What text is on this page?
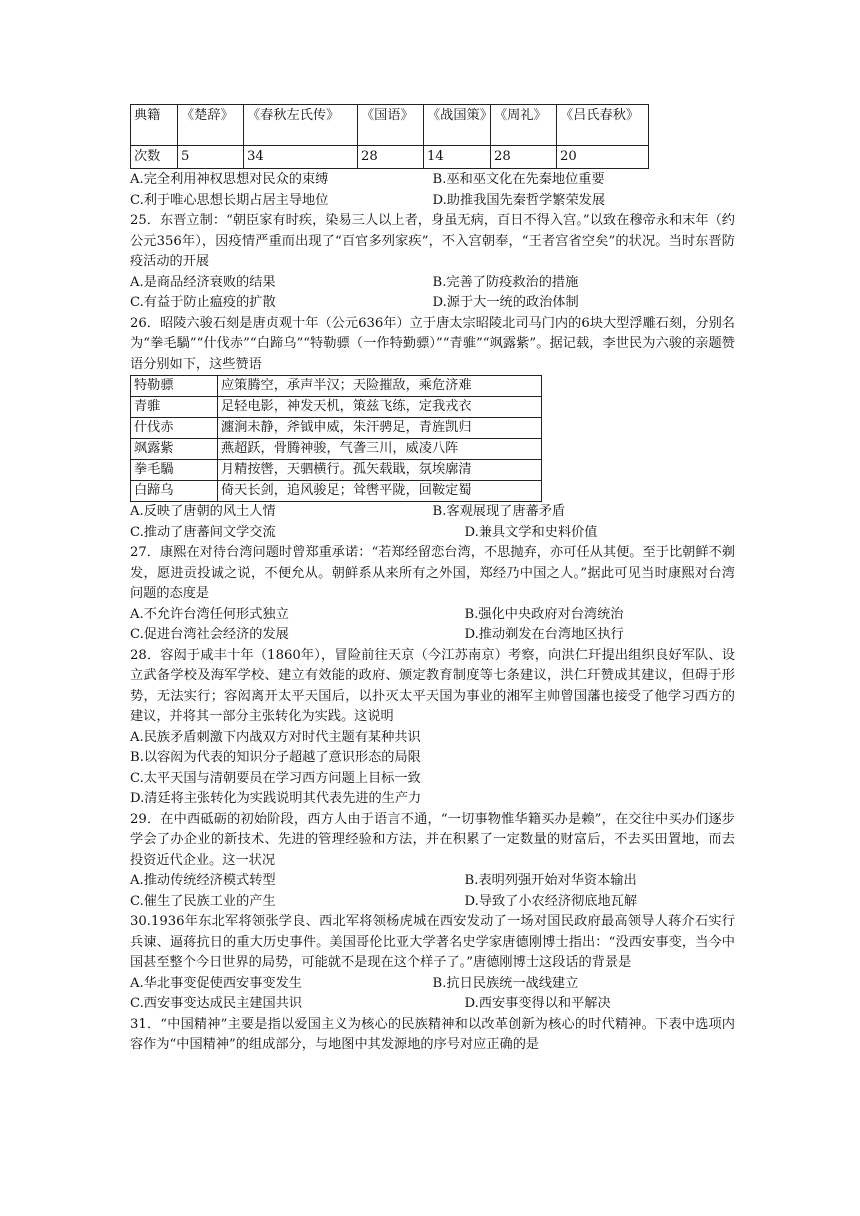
典籍	《楚辞》	《春秋左氏传》	《国语》	《战国策》	《周礼》	《吕氏春秋》
次数	5	34	28	14	28	20
A.完全利用神权思想对民众的束缚	B.巫和巫文化在先秦地位重要
C.利于唯心思想长期占居主导地位	D.助推我国先秦哲学繁荣发展

25．东晋立制：“朝臣家有时疾，染易三人以上者，身虽无病，百日不得入宫。”以致在穆帝永和末年（约公元356年），因疫情严重而出现了“百官多列家疾”，不入宫朝奉，“王者宫省空矣”的状况。当时东晋防疫活动的开展

A.是商品经济衰败的结果	B.完善了防疫救治的措施
C.有益于防止瘟疫的扩散	D.源于大一统的政治体制

26．昭陵六骏石刻是唐贞观十年（公元636年）立于唐太宗昭陵北司马门内的6块大型浮雕石刻，分别名为“拳毛騧”“什伐赤”“白蹄乌”“特勒骠（一作特勤骠）”“青骓”“飒露紫”。据记载，李世民为六骏的亲题赞语分别如下，这些赞语

特勒骠	应策腾空，承声半汉；天险摧敌，乘危济难
青骓	足轻电影，神发天机，策兹飞练，定我戎衣
什伐赤	瀍涧未静，斧钺申威，朱汗骋足，青旌凯归
飒露紫	燕超跃，骨腾神骏，气詟三川，威凌八阵
拳毛騧	月精按辔，天驷横行。孤矢载戢，氛埃廓清
白蹄乌	倚天长剑，追风骏足；耸辔平陇，回鞍定蜀
A.反映了唐朝的风土人情	B.客观展现了唐蕃矛盾
C.推动了唐蕃间文学交流	D.兼具文学和史料价值

27．康熙在对待台湾问题时曾郑重承诺：“若郑经留恋台湾，不思抛弃，亦可任从其便。至于比朝鲜不剃发，愿进贡投诚之说，不便允从。朝鲜系从来所有之外国，郑经乃中国之人。”据此可见当时康熙对台湾问题的态度是

A.不允许台湾任何形式独立	B.强化中央政府对台湾统治
C.促进台湾社会经济的发展	D.推动剃发在台湾地区执行

28．容闳于咸丰十年（1860年），冒险前往天京（今江苏南京）考察，向洪仁玕提出组织良好军队、设立武备学校及海军学校、建立有效能的政府、颁定教育制度等七条建议，洪仁玕赞成其建议，但碍于形势，无法实行；容闳离开太平天国后，以扑灭太平天国为事业的湘军主帅曾国藩也接受了他学习西方的建议，并将其一部分主张转化为实践。这说明

A.民族矛盾刺激下内战双方对时代主题有某种共识
B.以容闳为代表的知识分子超越了意识形态的局限
C.太平天国与清朝要员在学习西方问题上目标一致
D.清廷将主张转化为实践说明其代表先进的生产力

29．在中西砥砺的初始阶段，西方人由于语言不通，“一切事物惟华籍买办是赖”，在交往中买办们逐步学会了办企业的新技术、先进的管理经验和方法，并在积累了一定数量的财富后，不去买田置地，而去投资近代企业。这一状况

A.推动传统经济模式转型	B.表明列强开始对华资本输出
C.催生了民族工业的产生	D.导致了小农经济彻底地瓦解

30.1936年东北军将领张学良、西北军将领杨虎城在西安发动了一场对国民政府最高领导人蒋介石实行兵谏、逼蒋抗日的重大历史事件。美国哥伦比亚大学著名史学家唐德刚博士指出：“没西安事变，当今中国甚至整个今日世界的局势，可能就不是现在这个样子了。”唐德刚博士这段话的背景是

A.华北事变促使西安事变发生	B.抗日民族统一战线建立
C.西安事变达成民主建国共识	D.西安事变得以和平解决

31．“中国精神”主要是指以爱国主义为核心的民族精神和以改革创新为核心的时代精神。下表中选项内容作为“中国精神”的组成部分，与地图中其发源地的序号对应正确的是
